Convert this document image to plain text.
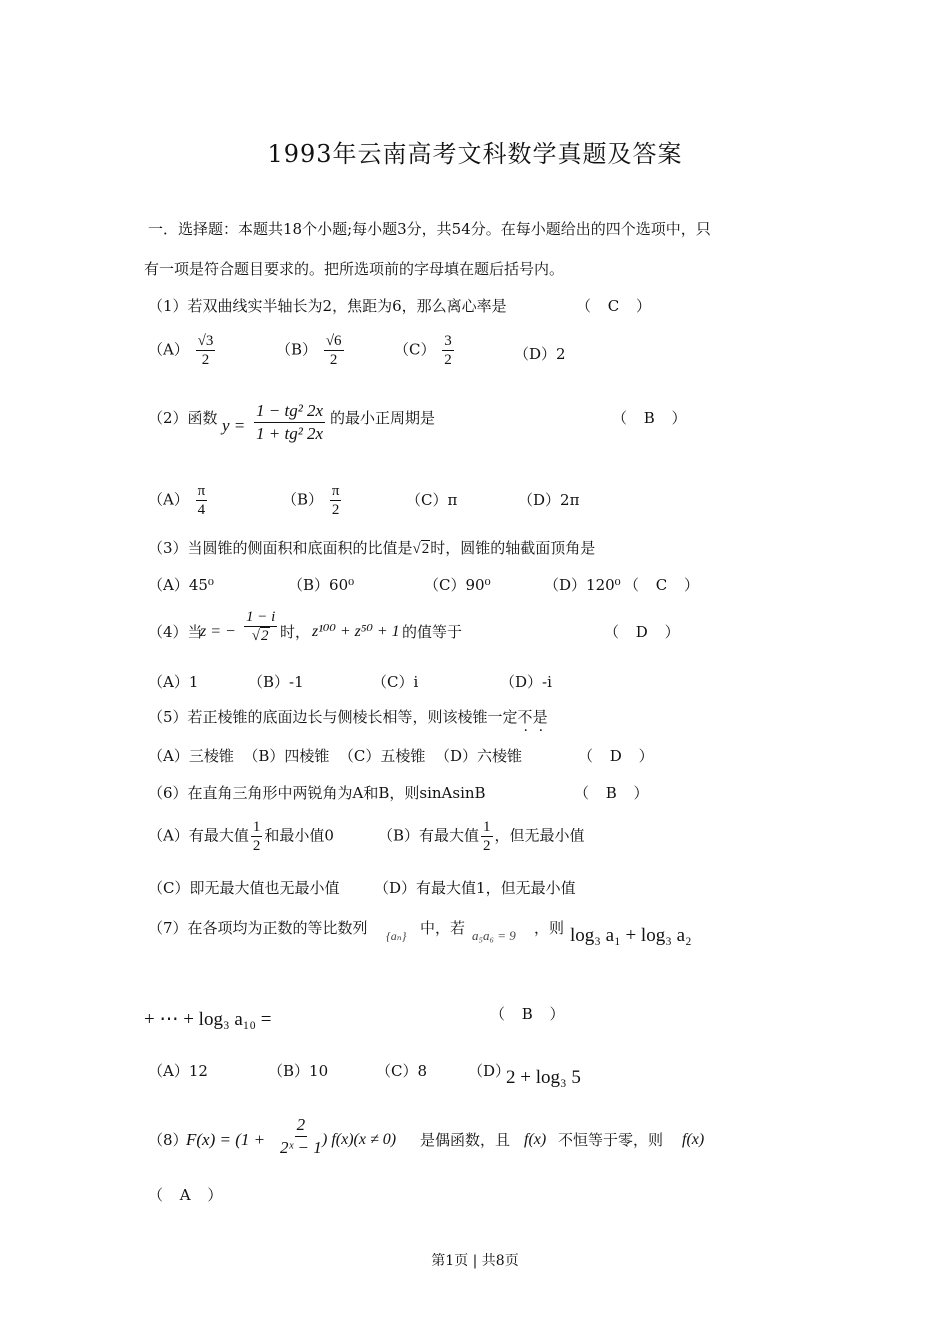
1993年云南高考文科数学真题及答案
一．选择题：本题共18个小题;每小题3分，共54分。在每小题给出的四个选项中，只
有一项是符合题目要求的。把所选项前的字母填在题后括号内。
（1）若双曲线实半轴长为2，焦距为6，那么离心率是	（ C ）
$(A) \frac{√3}{2}$	$(B) \frac{√6}{2}$	$(C) \frac{3}{2}$	（D）2
（2）函数 $y = \frac{\text{1 − tg² 2x}}{\text{1 + tg² 2x}}$ 的最小正周期是	（ B ）
$(A) \frac{\pi}{4}$	$(B) \frac{\pi}{2}$	（C）π	（D）2π
（3）当圆锥的侧面积和底面积的比值是√2时，圆锥的轴截面顶角是
（A）45⁰	（B）60⁰	（C）90⁰	（D）120⁰ （ C ）
（4）当
z = − $\frac{1 - i}{√2}$ 时， z¹⁰⁰ + z⁵⁰ + 1 的值等于	（ D ）
（A）1	（B）-1	（C）i	（D）-i
（5）若正棱锥的底面边长与侧棱长相等，则该棱锥一定不是
（A）三棱锥  （B）四棱锥  （C）五棱锥  （D）六棱锥	（ D ）
（6）在直角三角形中两锐角为A和B，则sinAsinB	（ B ）
（A）有最大值 $\frac{1}{2}$ 和最小值0	（B）有最大值 $\frac{1}{2}$ ，但无最小值
（C）即无最大值也无最小值 （D）有最大值1，但无最小值
（7）在各项均为正数的等比数列 {aₙ} 中，若 a₅a₆ = 9 ，则 log₃ a₁ + log₃ a₂
+ ⋯ + log₃ a₁₀ =	（ B ）
（A）12	（B）10	（C）8	（D）
2 + log₃ 5
（8）
$F(x) = (1 + \frac{2}{\text{2ˣ − 1}}$
) f(x)(x ≠ 0) 是偶函数，且 f(x) 不恒等于零，则 f(x)
（ A ）
第1页 | 共8页
